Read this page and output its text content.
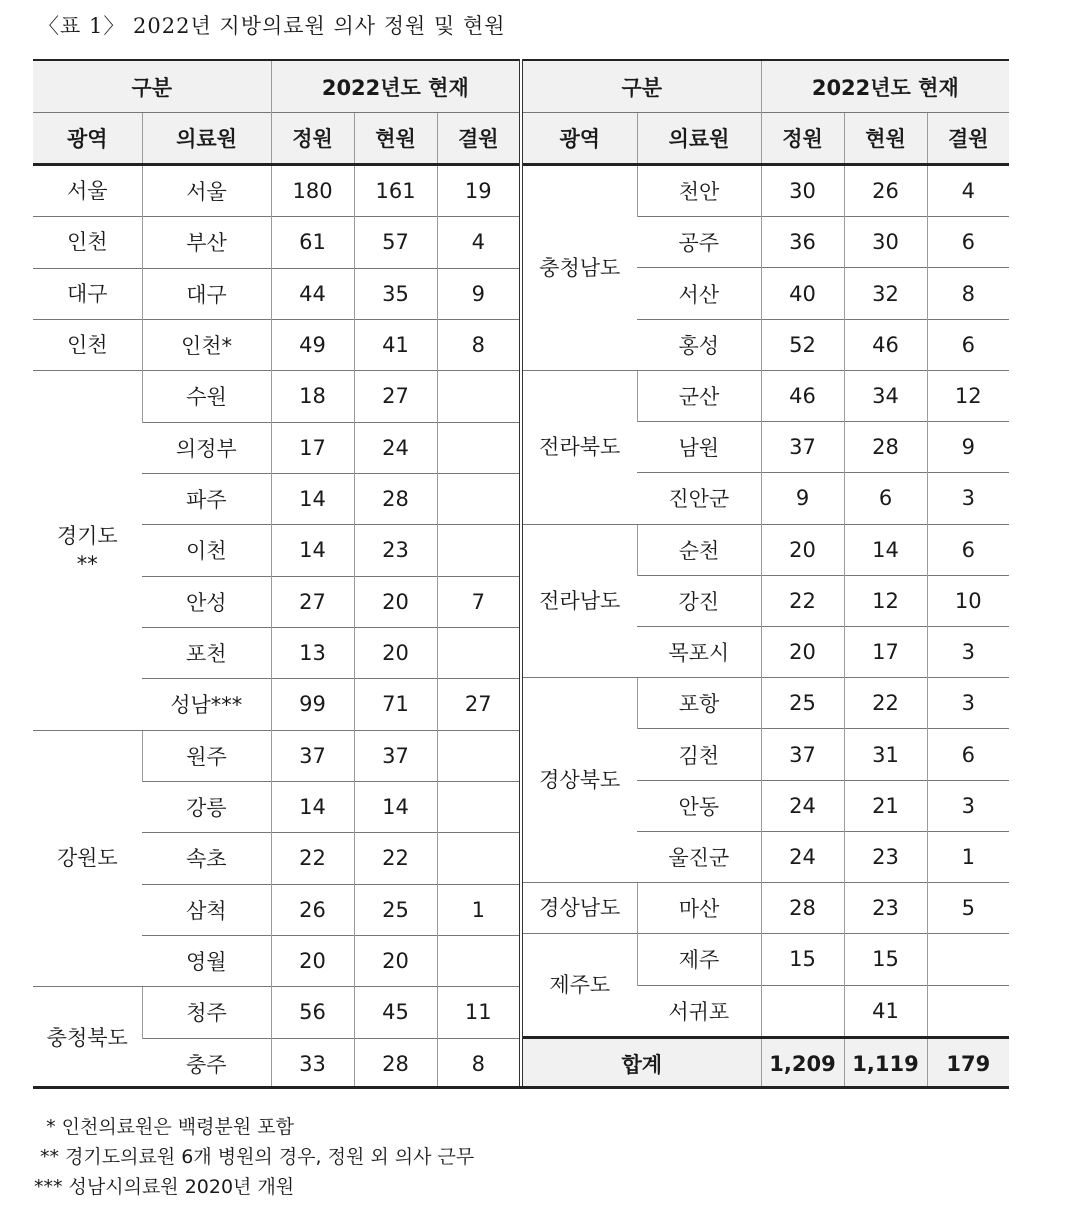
〈표 1〉 2022년 지방의료원 의사 정원 및 현원
구분		2022년도 현재		
광역	의료원	정원	현원	결원
서울	서울	180	161	19
인천	부산	61	57	4
대구	대구	44	35	9
인천	인천*	49	41	8
경기도
**	수원	18	27	
	의정부	17	24	
	파주	14	28	
	이천	14	23	
	안성	27	20	7
	포천	13	20	
	성남***	99	71	27
강원도	원주	37	37	
	강릉	14	14	
	속초	22	22	
	삼척	26	25	1
	영월	20	20	
충청북도	청주	56	45	11
	충주	33	28	8
구분		2022년도 현재		
광역	의료원	정원	현원	결원
충청남도	천안	30	26	4
	공주	36	30	6
	서산	40	32	8
	홍성	52	46	6
전라북도	군산	46	34	12
	남원	37	28	9
	진안군	9	6	3
전라남도	순천	20	14	6
	강진	22	12	10
	목포시	20	17	3
경상북도	포항	25	22	3
	김천	37	31	6
	안동	24	21	3
	울진군	24	23	1
경상남도	마산	28	23	5
제주도	제주	15	15	
	서귀포		41	
합계		1,209	1,119	179
* 인천의료원은 백령분원 포함
** 경기도의료원 6개 병원의 경우, 정원 외 의사 근무
*** 성남시의료원 2020년 개원
